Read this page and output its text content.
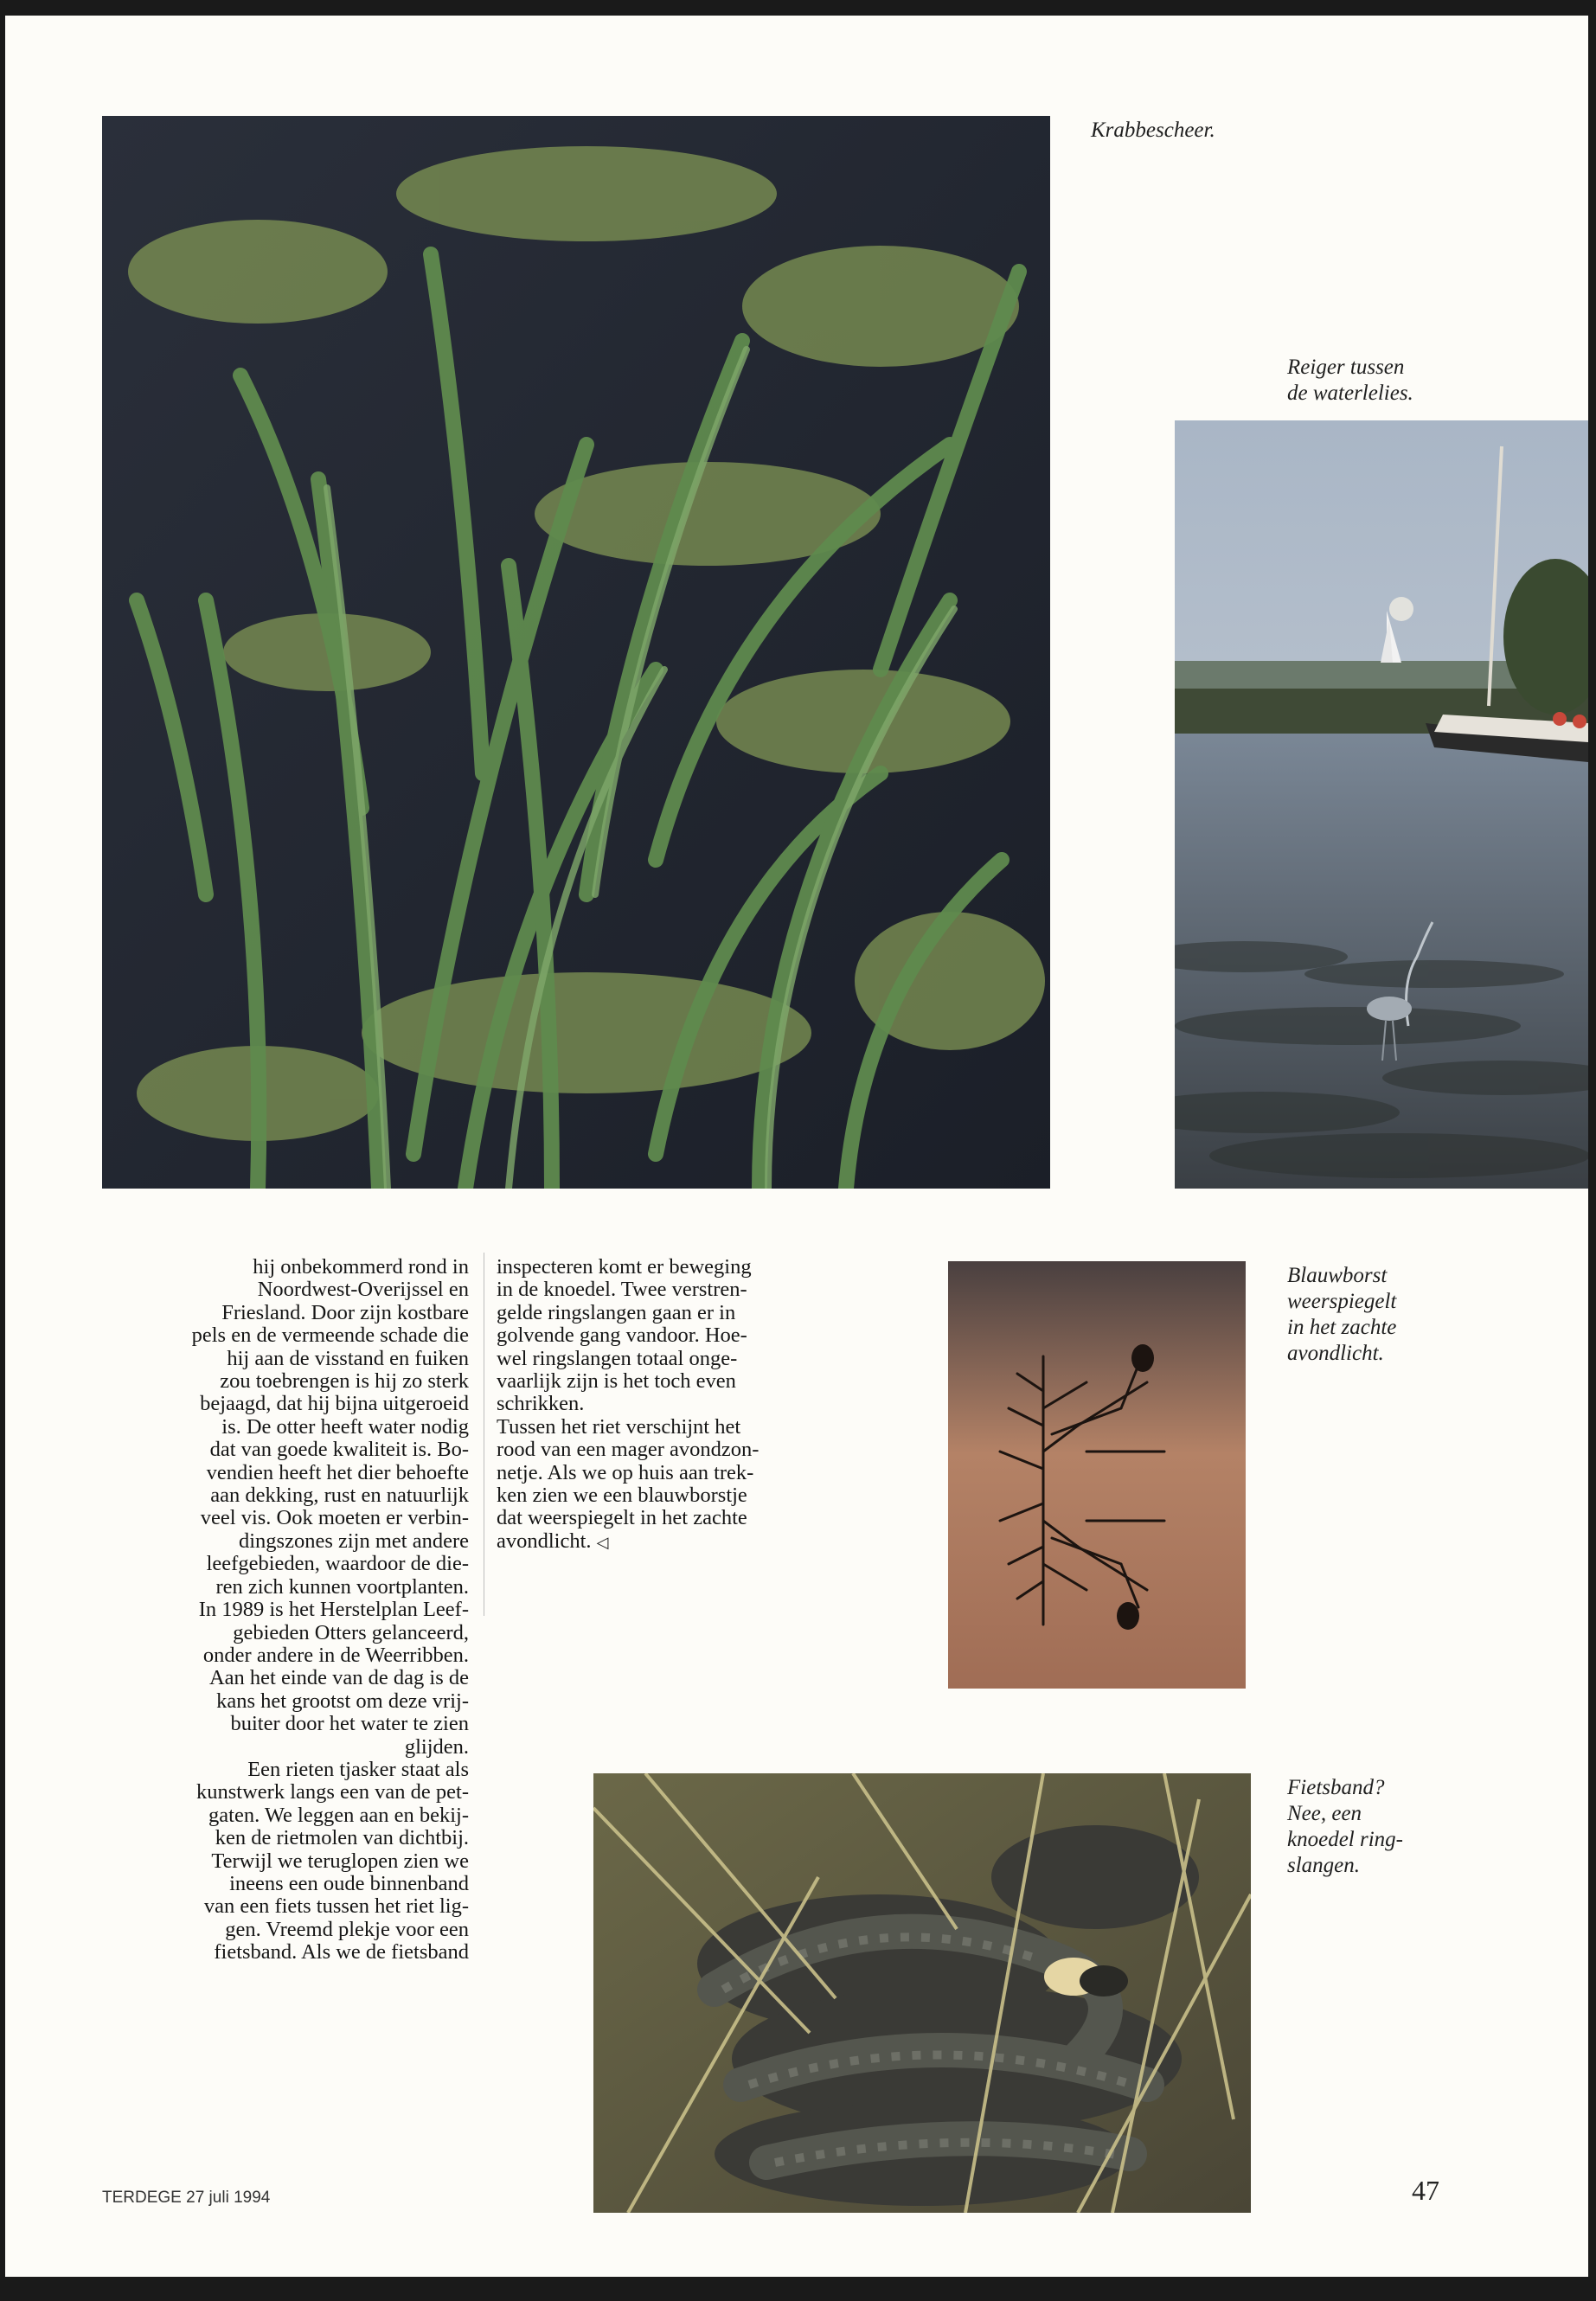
Krabbescheer.
Reiger tussen
de waterlelies.
hij onbekommerd rond in
Noordwest-Overijssel en
Friesland. Door zijn kostbare
pels en de vermeende schade die
hij aan de visstand en fuiken
zou toebrengen is hij zo sterk
bejaagd, dat hij bijna uitgeroeid
is. De otter heeft water nodig
dat van goede kwaliteit is. Bo-
vendien heeft het dier behoefte
aan dekking, rust en natuurlijk
veel vis. Ook moeten er verbin-
dingszones zijn met andere
leefgebieden, waardoor de die-
ren zich kunnen voortplanten.
In 1989 is het Herstelplan Leef-
gebieden Otters gelanceerd,
onder andere in de Weerribben.
Aan het einde van de dag is de
kans het grootst om deze vrij-
buiter door het water te zien
glijden.
Een rieten tjasker staat als
kunstwerk langs een van de pet-
gaten. We leggen aan en bekij-
ken de rietmolen van dichtbij.
Terwijl we teruglopen zien we
ineens een oude binnenband
van een fiets tussen het riet lig-
gen. Vreemd plekje voor een
fietsband. Als we de fietsband
inspecteren komt er beweging
in de knoedel. Twee verstren-
gelde ringslangen gaan er in
golvende gang vandoor. Hoe-
wel ringslangen totaal onge-
vaarlijk zijn is het toch even
schrikken.
Tussen het riet verschijnt het
rood van een mager avondzon-
netje. Als we op huis aan trek-
ken zien we een blauwborstje
dat weerspiegelt in het zachte
avondlicht. ◁
Blauwborst
weerspiegelt
in het zachte
avondlicht.
Fietsband?
Nee, een
knoedel ring-
slangen.
TERDEGE 27 juli 1994	47
